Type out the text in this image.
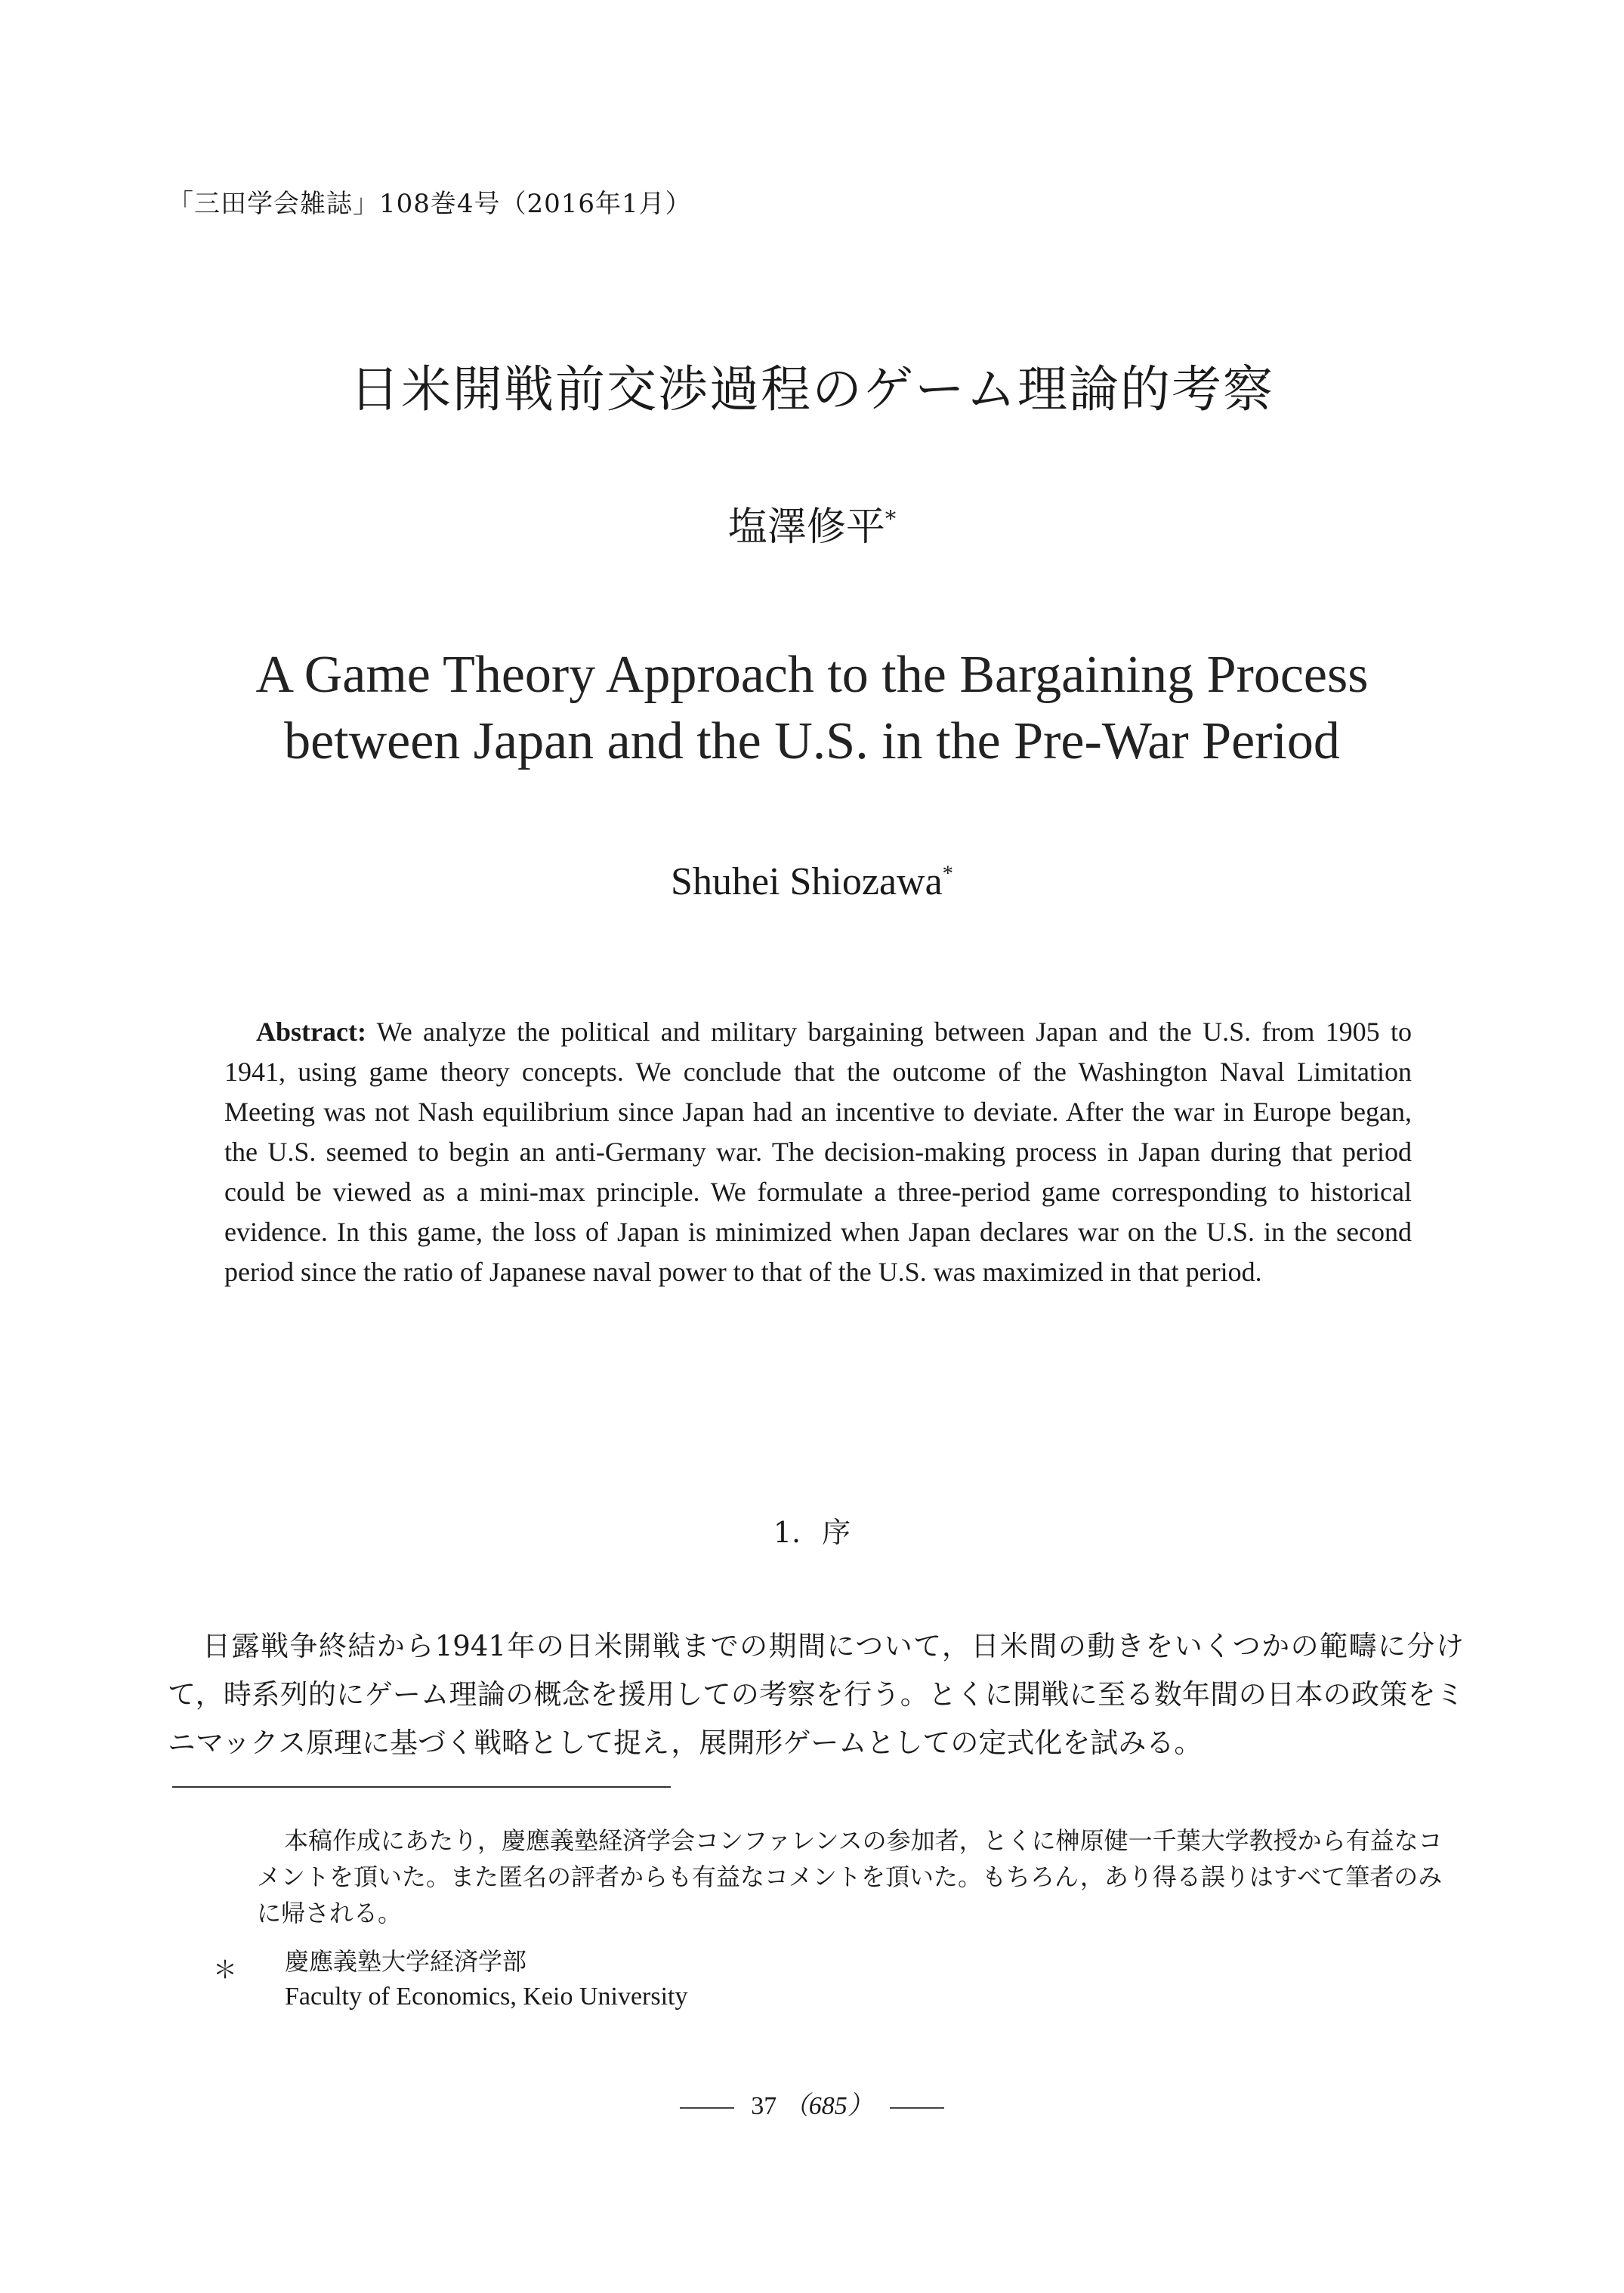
「三田学会雑誌」108巻4号（2016年1月）
日米開戦前交渉過程のゲーム理論的考察
塩澤修平*
A Game Theory Approach to the Bargaining Process
between Japan and the U.S. in the Pre-War Period
Shuhei Shiozawa*

Abstract: We analyze the political and military bargaining between Japan and the U.S. from 1905 to 1941, using game theory concepts. We conclude that the outcome of the Washington Naval Limitation Meeting was not Nash equilibrium since Japan had an incentive to deviate. After the war in Europe began, the U.S. seemed to begin an anti-Germany war. The decision-making process in Japan during that period could be viewed as a mini-max principle. We formulate a three-period game corresponding to historical evidence. In this game, the loss of Japan is minimized when Japan declares war on the U.S. in the second period since the ratio of Japanese naval power to that of the U.S. was maximized in that period.

1. 序

日露戦争終結から1941年の日米開戦までの期間について，日米間の動きをいくつかの範疇に分けて，時系列的にゲーム理論の概念を援用しての考察を行う。とくに開戦に至る数年間の日本の政策をミニマックス原理に基づく戦略として捉え，展開形ゲームとしての定式化を試みる。

本稿作成にあたり，慶應義塾経済学会コンファレンスの参加者，とくに榊原健一千葉大学教授から有益なコメントを頂いた。また匿名の評者からも有益なコメントを頂いた。もちろん，あり得る誤りはすべて筆者のみに帰される。

＊ 慶應義塾大学経済学部
Faculty of Economics, Keio University
37 （685）
